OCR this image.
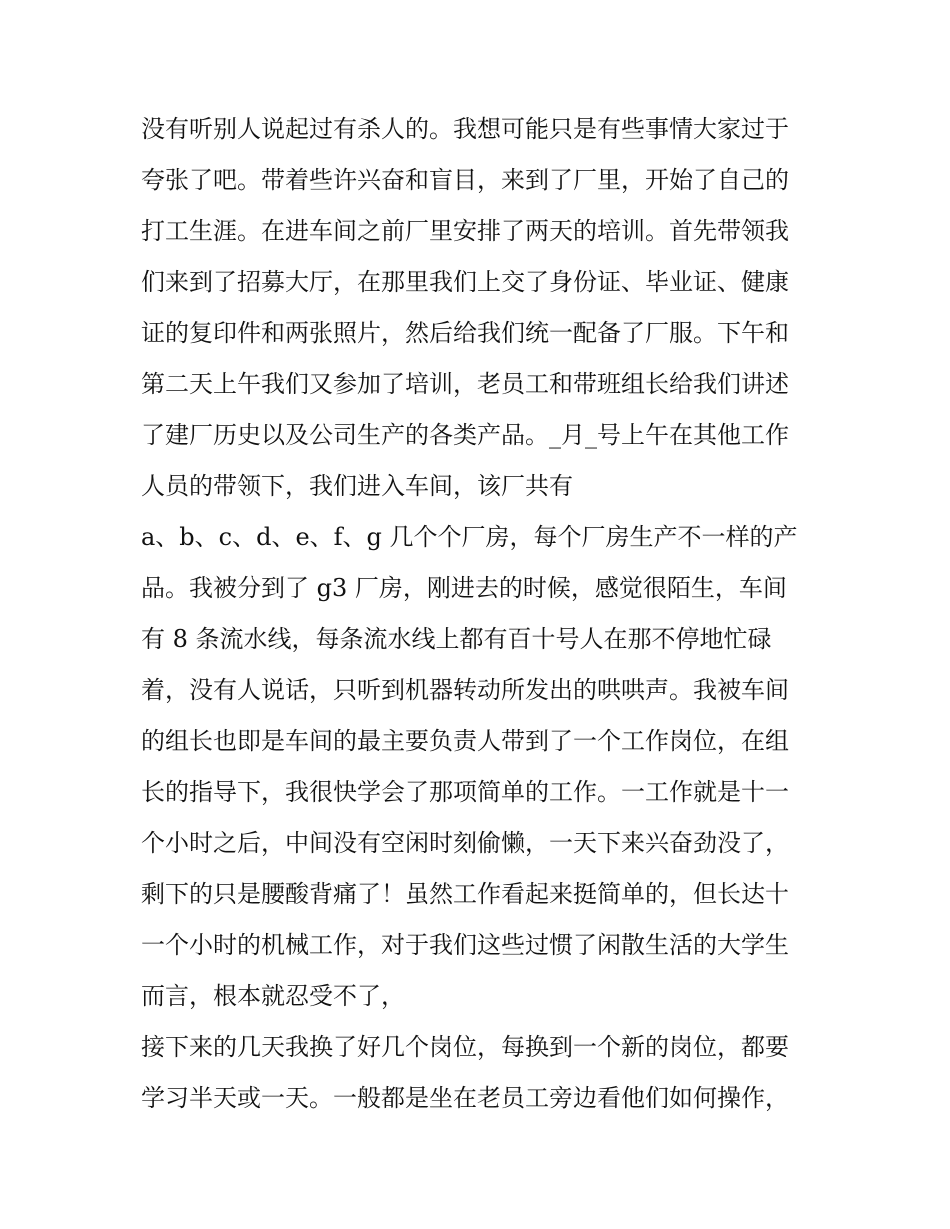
没有听别人说起过有杀人的。我想可能只是有些事情大家过于
夸张了吧。带着些许兴奋和盲目，来到了厂里，开始了自己的
打工生涯。在进车间之前厂里安排了两天的培训。首先带领我
们来到了招募大厅，在那里我们上交了身份证、毕业证、健康
证的复印件和两张照片，然后给我们统一配备了厂服。下午和
第二天上午我们又参加了培训，老员工和带班组长给我们讲述
了建厂历史以及公司生产的各类产品。_月_号上午在其他工作
人员的带领下，我们进入车间，该厂共有
a、b、c、d、e、f、g 几个个厂房，每个厂房生产不一样的产
品。我被分到了 g3 厂房，刚进去的时候，感觉很陌生，车间
有 8 条流水线，每条流水线上都有百十号人在那不停地忙碌
着，没有人说话，只听到机器转动所发出的哄哄声。我被车间
的组长也即是车间的最主要负责人带到了一个工作岗位，在组
长的指导下，我很快学会了那项简单的工作。一工作就是十一
个小时之后，中间没有空闲时刻偷懒，一天下来兴奋劲没了，
剩下的只是腰酸背痛了！虽然工作看起来挺简单的，但长达十
一个小时的机械工作，对于我们这些过惯了闲散生活的大学生
而言，根本就忍受不了，
接下来的几天我换了好几个岗位，每换到一个新的岗位，都要
学习半天或一天。一般都是坐在老员工旁边看他们如何操作，
